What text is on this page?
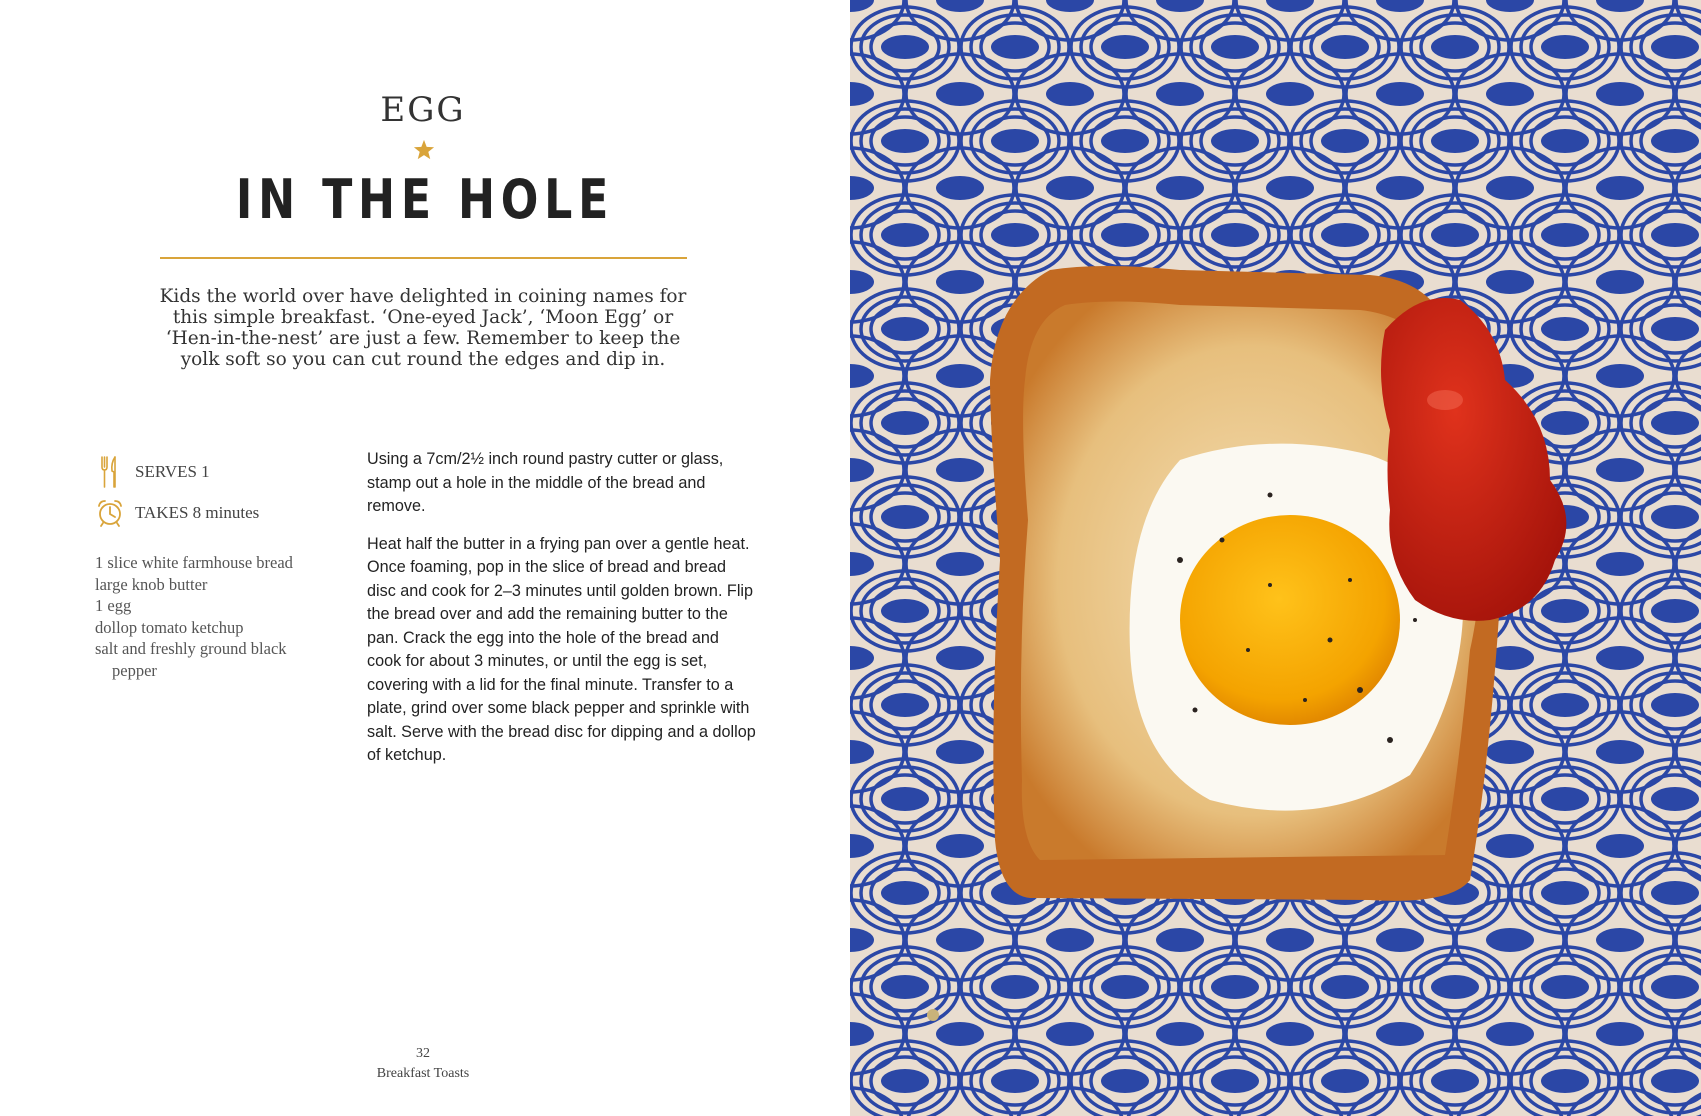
EGG
IN THE HOLE
Kids the world over have delighted in coining names for this simple breakfast. ‘One-eyed Jack’, ‘Moon Egg’ or ‘Hen-in-the-nest’ are just a few. Remember to keep the yolk soft so you can cut round the edges and dip in.
SERVES 1
TAKES 8 minutes
1 slice white farmhouse bread
large knob butter
1 egg
dollop tomato ketchup
salt and freshly ground black pepper

Using a 7cm/2½ inch round pastry cutter or glass, stamp out a hole in the middle of the bread and remove.

Heat half the butter in a frying pan over a gentle heat. Once foaming, pop in the slice of bread and bread disc and cook for 2–3 minutes until golden brown. Flip the bread over and add the remaining butter to the pan. Crack the egg into the hole of the bread and cook for about 3 minutes, or until the egg is set, covering with a lid for the final minute. Transfer to a plate, grind over some black pepper and sprinkle with salt. Serve with the bread disc for dipping and a dollop of ketchup.

32
Breakfast Toasts
